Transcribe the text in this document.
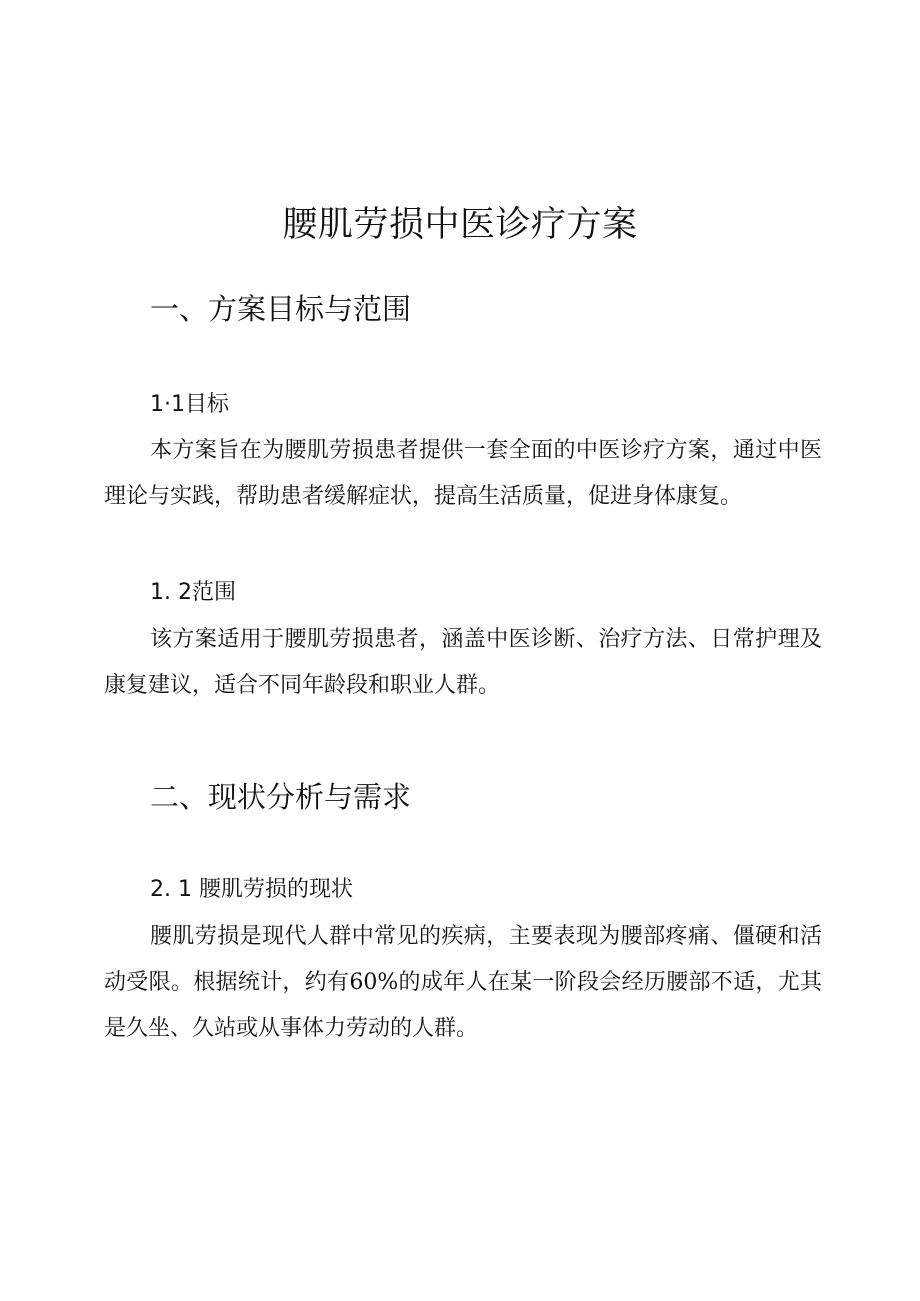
腰肌劳损中医诊疗方案
一、方案目标与范围
1·1目标

本方案旨在为腰肌劳损患者提供一套全面的中医诊疗方案，通过中医理论与实践，帮助患者缓解症状，提高生活质量，促进身体康复。

1. 2范围

该方案适用于腰肌劳损患者，涵盖中医诊断、治疗方法、日常护理及康复建议，适合不同年龄段和职业人群。

二、现状分析与需求
2. 1 腰肌劳损的现状

腰肌劳损是现代人群中常见的疾病，主要表现为腰部疼痛、僵硬和活动受限。根据统计，约有60%的成年人在某一阶段会经历腰部不适，尤其是久坐、久站或从事体力劳动的人群。
